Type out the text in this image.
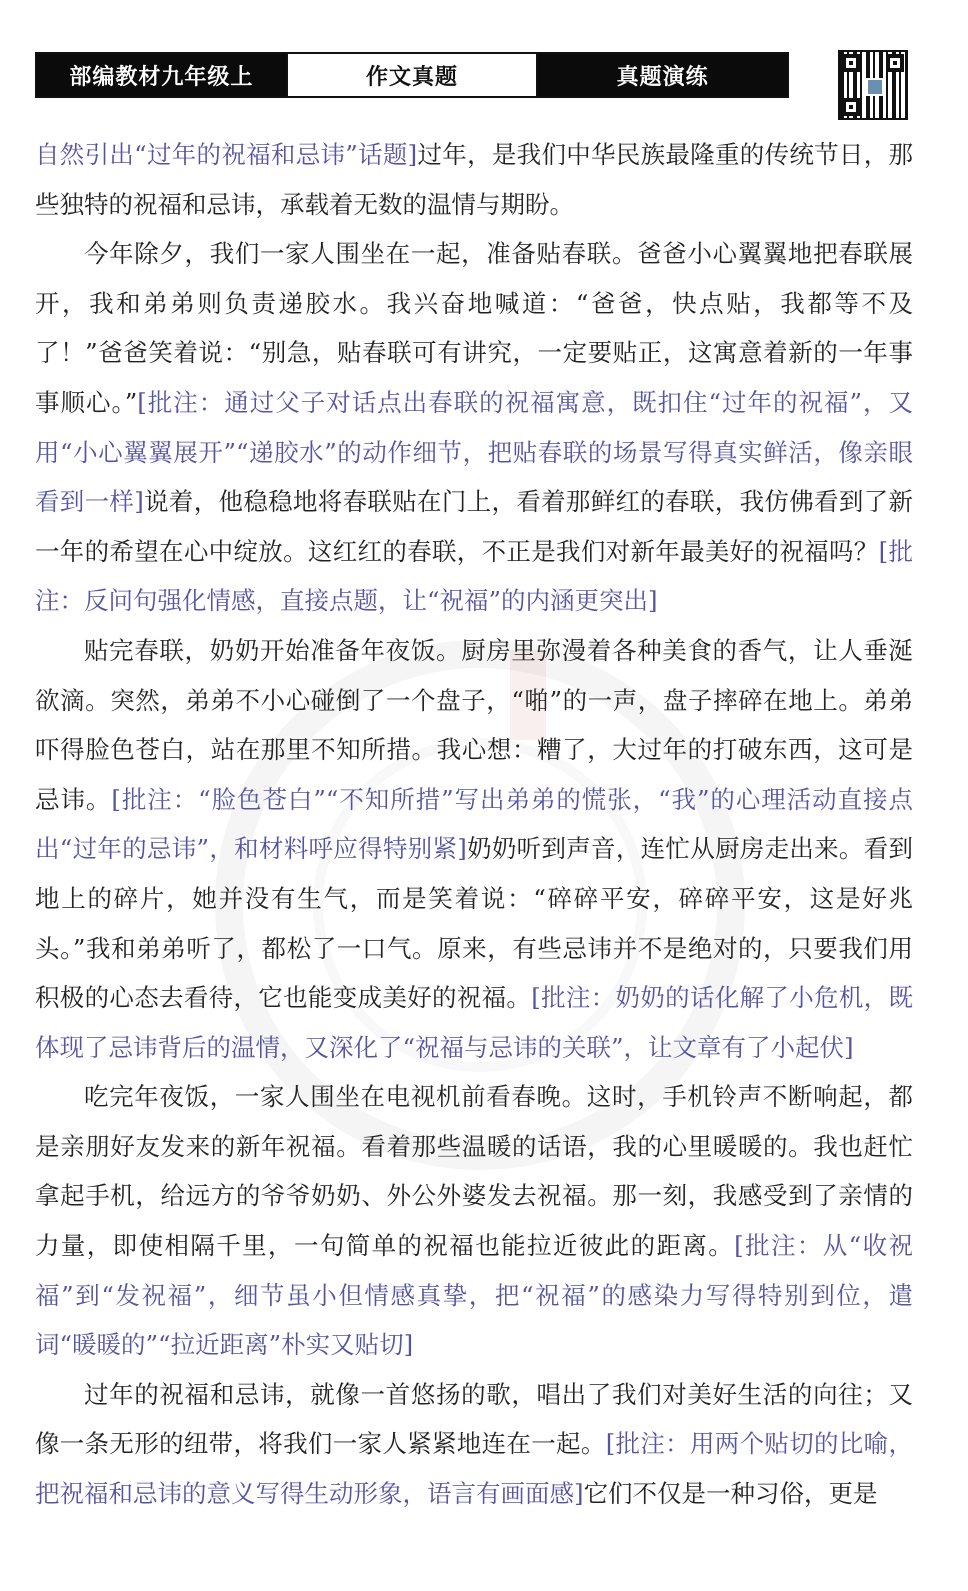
部编教材九年级上	作文真题	真题演练

自然引出“过年的祝福和忌讳”话题]过年，是我们中华民族最隆重的传统节日，那些独特的祝福和忌讳，承载着无数的温情与期盼。

今年除夕，我们一家人围坐在一起，准备贴春联。爸爸小心翼翼地把春联展开，我和弟弟则负责递胶水。我兴奋地喊道：“爸爸，快点贴，我都等不及了！”爸爸笑着说：“别急，贴春联可有讲究，一定要贴正，这寓意着新的一年事事顺心。”[批注：通过父子对话点出春联的祝福寓意，既扣住“过年的祝福”，又用“小心翼翼展开”“递胶水”的动作细节，把贴春联的场景写得真实鲜活，像亲眼看到一样]说着，他稳稳地将春联贴在门上，看着那鲜红的春联，我仿佛看到了新一年的希望在心中绽放。这红红的春联，不正是我们对新年最美好的祝福吗？[批注：反问句强化情感，直接点题，让“祝福”的内涵更突出]

贴完春联，奶奶开始准备年夜饭。厨房里弥漫着各种美食的香气，让人垂涎欲滴。突然，弟弟不小心碰倒了一个盘子，“啪”的一声，盘子摔碎在地上。弟弟吓得脸色苍白，站在那里不知所措。我心想：糟了，大过年的打破东西，这可是忌讳。[批注：“脸色苍白”“不知所措”写出弟弟的慌张，“我”的心理活动直接点出“过年的忌讳”，和材料呼应得特别紧]奶奶听到声音，连忙从厨房走出来。看到地上的碎片，她并没有生气，而是笑着说：“碎碎平安，碎碎平安，这是好兆头。”我和弟弟听了，都松了一口气。原来，有些忌讳并不是绝对的，只要我们用积极的心态去看待，它也能变成美好的祝福。[批注：奶奶的话化解了小危机，既体现了忌讳背后的温情，又深化了“祝福与忌讳的关联”，让文章有了小起伏]

吃完年夜饭，一家人围坐在电视机前看春晚。这时，手机铃声不断响起，都是亲朋好友发来的新年祝福。看着那些温暖的话语，我的心里暖暖的。我也赶忙拿起手机，给远方的爷爷奶奶、外公外婆发去祝福。那一刻，我感受到了亲情的力量，即使相隔千里，一句简单的祝福也能拉近彼此的距离。[批注：从“收祝福”到“发祝福”，细节虽小但情感真挚，把“祝福”的感染力写得特别到位，遣词“暖暖的”“拉近距离”朴实又贴切]

过年的祝福和忌讳，就像一首悠扬的歌，唱出了我们对美好生活的向往；又像一条无形的纽带，将我们一家人紧紧地连在一起。[批注：用两个贴切的比喻，把祝福和忌讳的意义写得生动形象，语言有画面感]它们不仅是一种习俗，更是
